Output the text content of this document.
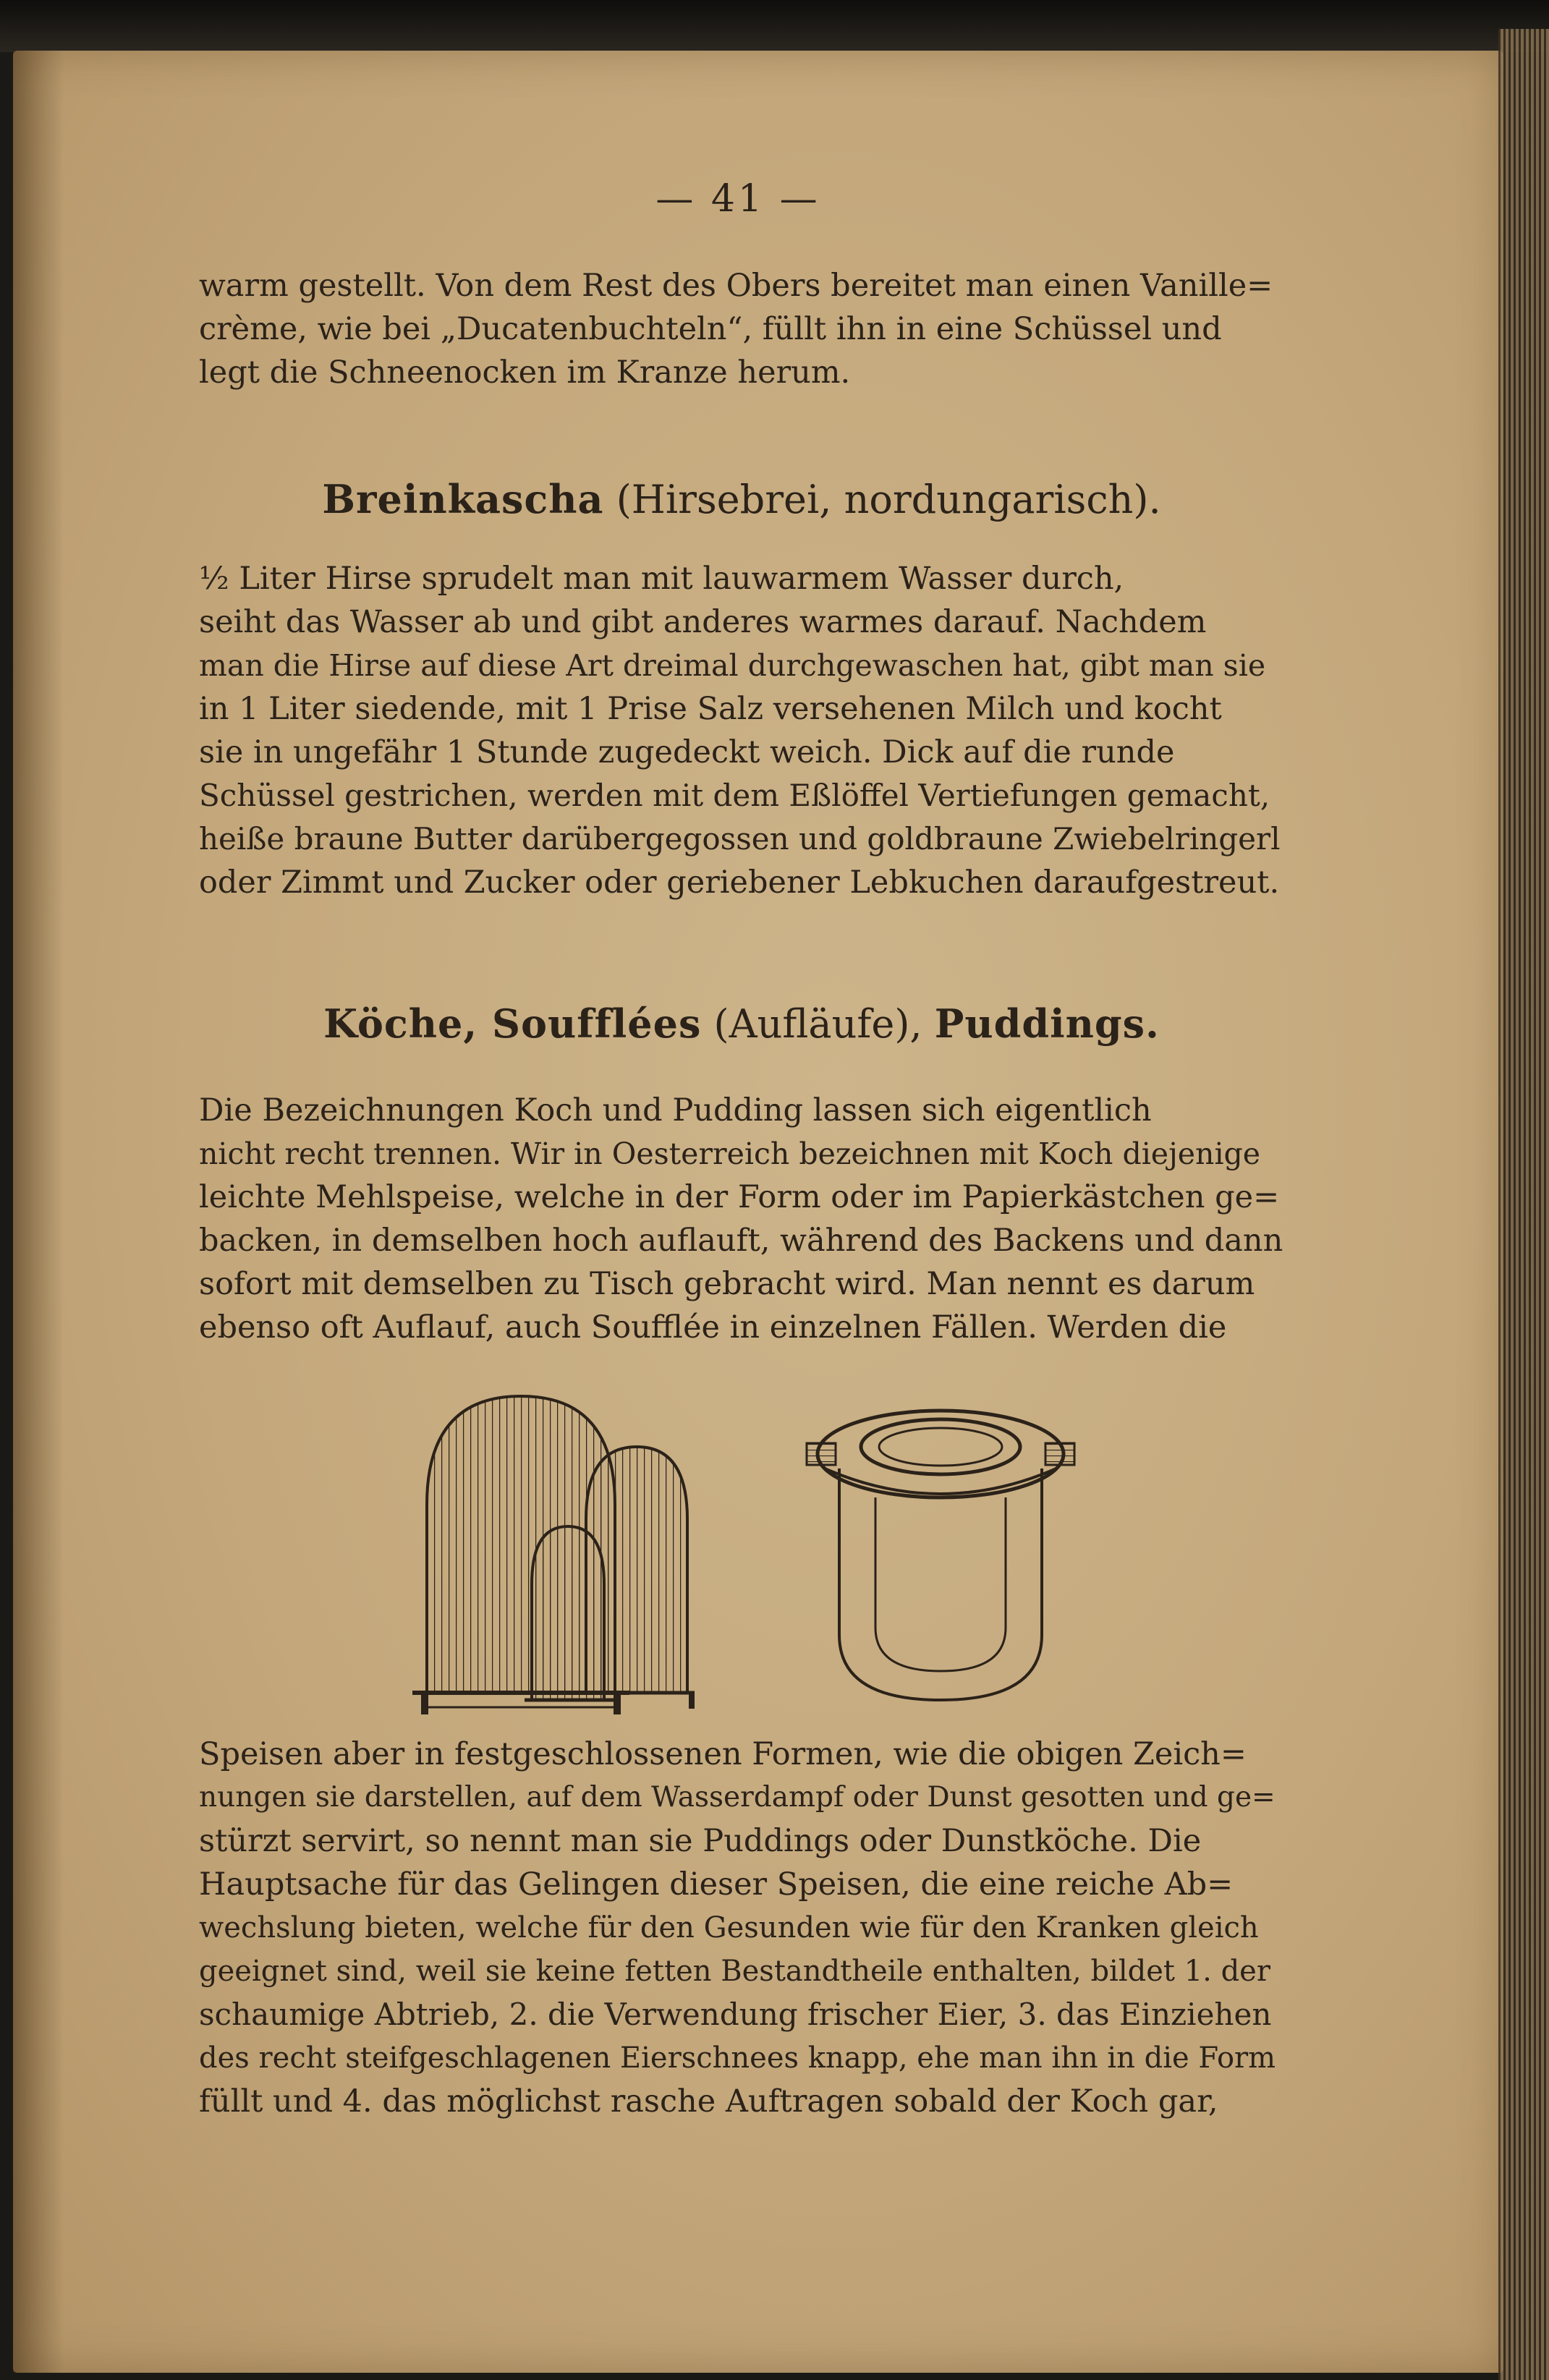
— 41 —
warm gestellt. Von dem Rest des Obers bereitet man einen Vanille=
crème, wie bei „Ducatenbuchteln“, füllt ihn in eine Schüssel und
legt die Schneenocken im Kranze herum.
Breinkascha (Hirsebrei, nordungarisch).
½ Liter Hirse sprudelt man mit lauwarmem Wasser durch,
seiht das Wasser ab und gibt anderes warmes darauf. Nachdem
man die Hirse auf diese Art dreimal durchgewaschen hat, gibt man sie
in 1 Liter siedende, mit 1 Prise Salz versehenen Milch und kocht
sie in ungefähr 1 Stunde zugedeckt weich. Dick auf die runde
Schüssel gestrichen, werden mit dem Eßlöffel Vertiefungen gemacht,
heiße braune Butter darübergegossen und goldbraune Zwiebelringerl
oder Zimmt und Zucker oder geriebener Lebkuchen daraufgestreut.
Köche, Soufflées (Aufläufe), Puddings.
Die Bezeichnungen Koch und Pudding lassen sich eigentlich
nicht recht trennen. Wir in Oesterreich bezeichnen mit Koch diejenige
leichte Mehlspeise, welche in der Form oder im Papierkästchen ge=
backen, in demselben hoch auflauft, während des Backens und dann
sofort mit demselben zu Tisch gebracht wird. Man nennt es darum
ebenso oft Auflauf, auch Soufflée in einzelnen Fällen. Werden die
Speisen aber in festgeschlossenen Formen, wie die obigen Zeich=
nungen sie darstellen, auf dem Wasserdampf oder Dunst gesotten und ge=
stürzt servirt, so nennt man sie Puddings oder Dunstköche. Die
Hauptsache für das Gelingen dieser Speisen, die eine reiche Ab=
wechslung bieten, welche für den Gesunden wie für den Kranken gleich
geeignet sind, weil sie keine fetten Bestandtheile enthalten, bildet 1. der
schaumige Abtrieb, 2. die Verwendung frischer Eier, 3. das Einziehen
des recht steifgeschlagenen Eierschnees knapp, ehe man ihn in die Form
füllt und 4. das möglichst rasche Auftragen sobald der Koch gar,
